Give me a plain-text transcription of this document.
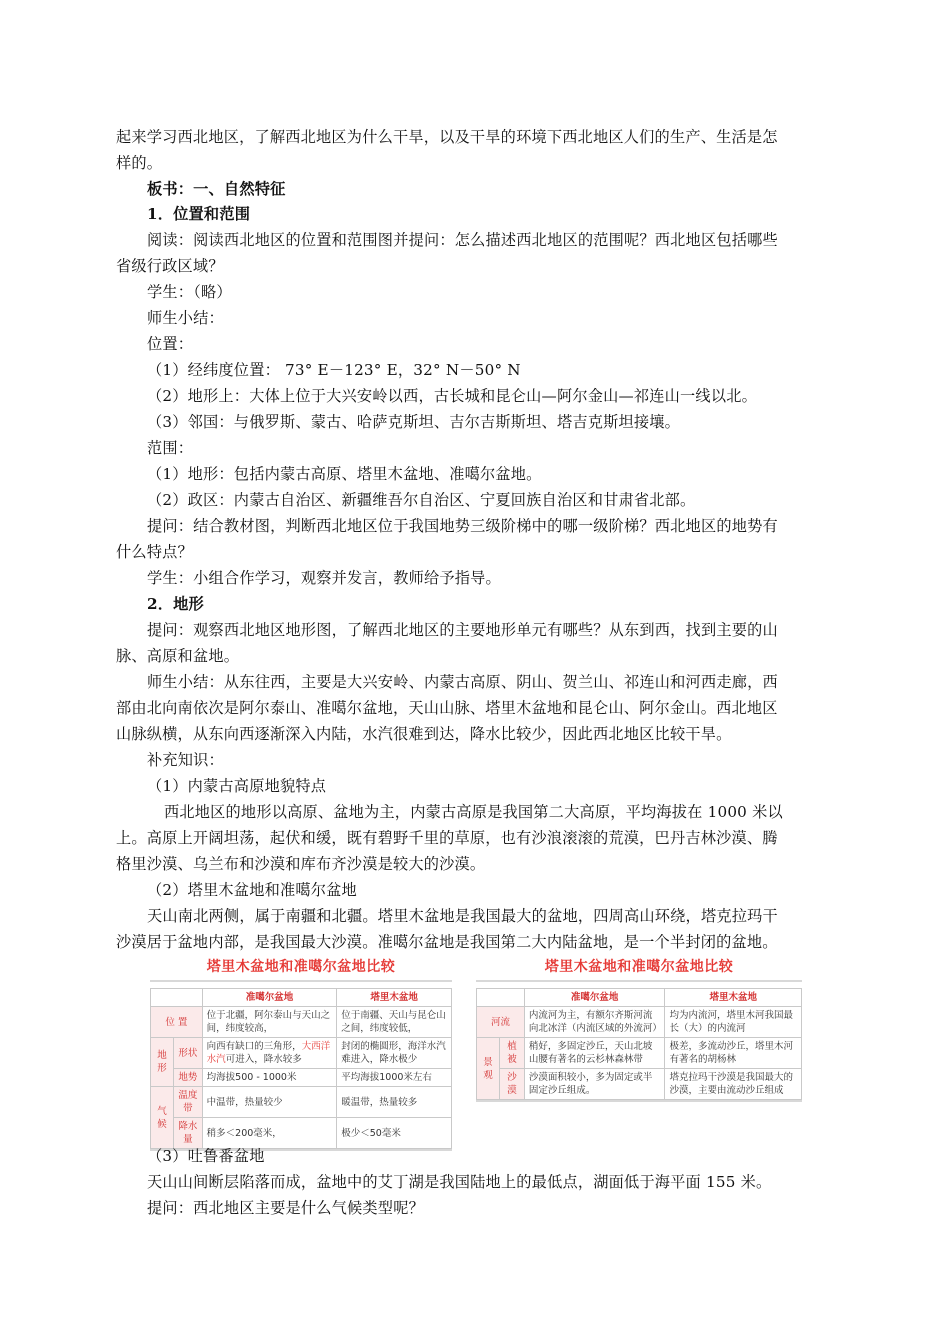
起来学习西北地区，了解西北地区为什么干旱，以及干旱的环境下西北地区人们的生产、生活是怎
样的。
板书：一、自然特征
1．位置和范围
阅读：阅读西北地区的位置和范围图并提问：怎么描述西北地区的范围呢？西北地区包括哪些
省级行政区域？
学生：（略）
师生小结：
位置：
（1）经纬度位置： 73° E－123° E，32° N－50° N
（2）地形上：大体上位于大兴安岭以西，古长城和昆仑山—阿尔金山—祁连山一线以北。
（3）邻国：与俄罗斯、蒙古、哈萨克斯坦、吉尔吉斯斯坦、塔吉克斯坦接壤。
范围：
（1）地形：包括内蒙古高原、塔里木盆地、准噶尔盆地。
（2）政区：内蒙古自治区、新疆维吾尔自治区、宁夏回族自治区和甘肃省北部。
提问：结合教材图，判断西北地区位于我国地势三级阶梯中的哪一级阶梯？西北地区的地势有
什么特点？
学生：小组合作学习，观察并发言，教师给予指导。
2．地形
提问：观察西北地区地形图，了解西北地区的主要地形单元有哪些？从东到西，找到主要的山
脉、高原和盆地。
师生小结：从东往西，主要是大兴安岭、内蒙古高原、阴山、贺兰山、祁连山和河西走廊，西
部由北向南依次是阿尔泰山、准噶尔盆地，天山山脉、塔里木盆地和昆仑山、阿尔金山。西北地区
山脉纵横，从东向西逐渐深入内陆，水汽很难到达，降水比较少，因此西北地区比较干旱。
补充知识：
（1）内蒙古高原地貌特点
西北地区的地形以高原、盆地为主，内蒙古高原是我国第二大高原，平均海拔在 1000 米以
上。高原上开阔坦荡，起伏和缓，既有碧野千里的草原，也有沙浪滚滚的荒漠，巴丹吉林沙漠、腾
格里沙漠、乌兰布和沙漠和库布齐沙漠是较大的沙漠。
（2）塔里木盆地和准噶尔盆地
天山南北两侧，属于南疆和北疆。塔里木盆地是我国最大的盆地，四周高山环绕，塔克拉玛干
沙漠居于盆地内部，是我国最大沙漠。准噶尔盆地是我国第二大内陆盆地，是一个半封闭的盆地。
塔里木盆地和准噶尔盆地比较
		准噶尔盆地	塔里木盆地
位 置		位于北疆，阿尔泰山与天山之间，纬度较高，	位于南疆、天山与昆仑山之间，纬度较低，
地形	形状	向西有缺口的三角形，大西洋水汽可进入，降水较多	封闭的椭圆形，海洋水汽难进入，降水极少
	地势	均海拔500 - 1000米	平均海拔1000米左右
气候	温度带	中温带，热量较少	暖温带，热量较多
	降水量	稍多＜200毫米，	极少＜50毫米
塔里木盆地和准噶尔盆地比较
		准噶尔盆地	塔里木盆地
河流		内流河为主，有额尔齐斯河流向北冰洋（内流区域的外流河）	均为内流河，塔里木河我国最长（大）的内流河
景观	植被	稍好，多固定沙丘，天山北坡山腰有著名的云杉林森林带	极差，多流动沙丘，塔里木河有著名的胡杨林
	沙漠	沙漠面积较小，多为固定或半固定沙丘组成。	塔克拉玛干沙漠是我国最大的沙漠，主要由流动沙丘组成
（3）吐鲁番盆地
天山山间断层陷落而成，盆地中的艾丁湖是我国陆地上的最低点，湖面低于海平面 155 米。
提问：西北地区主要是什么气候类型呢？
